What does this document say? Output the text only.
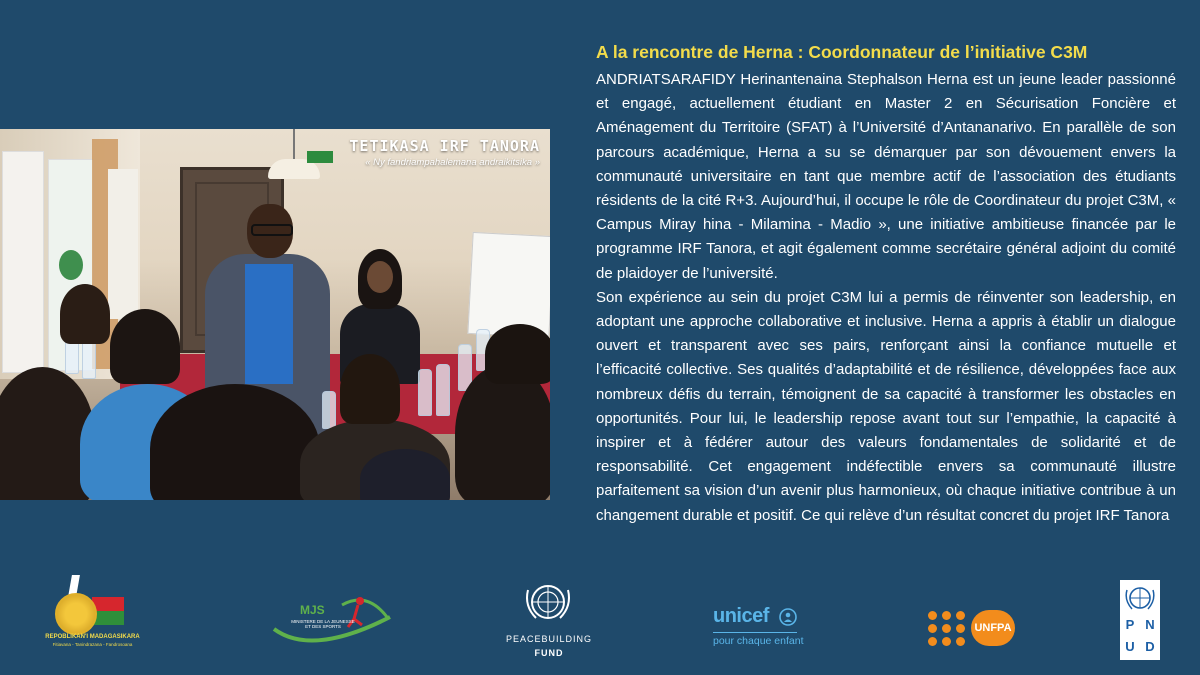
TETIKASA IRF TANORA
« Ny fandriampahalemana andraikitsika »
A la rencontre de Herna : Coordonnateur de l’initiative C3M

ANDRIATSARAFIDY Herinantenaina Stephalson Herna est un jeune leader passionné et engagé, actuellement étudiant en Master 2 en Sécurisation Foncière et Aménagement du Territoire (SFAT) à l’Université d’Antananarivo. En parallèle de son parcours académique, Herna a su se démarquer par son dévouement envers la communauté universitaire en tant que membre actif de l’association des étudiants résidents de la cité R+3. Aujourd’hui, il occupe le rôle de Coordinateur du projet C3M, « Campus Miray hina - Milamina - Madio », une initiative ambitieuse financée par le programme IRF Tanora, et agit également comme secrétaire général adjoint du comité de plaidoyer de l’université.

Son expérience au sein du projet C3M lui a permis de réinventer son leadership, en adoptant une approche collaborative et inclusive. Herna a appris à établir un dialogue ouvert et transparent avec ses pairs, renforçant ainsi la confiance mutuelle et l’efficacité collective. Ses qualités d’adaptabilité et de résilience, développées face aux nombreux défis du terrain, témoignent de sa capacité à transformer les obstacles en opportunités. Pour lui, le leadership repose avant tout sur l’empathie, la capacité à inspirer et à fédérer autour des valeurs fondamentales de solidarité et de responsabilité. Cet engagement indéfectible envers sa communauté illustre parfaitement sa vision d’un avenir plus harmonieux, où chaque initiative contribue à un changement durable et positif. Ce qui relève d’un résultat concret du projet IRF Tanora

REPOBLIKAN'I MADAGASIKARA
Fitiavana - Tanindrazana - Fandrosoana
MJS
MINISTERE DE LA JEUNESSE ET DES SPORTS
PEACEBUILDING
FUND
unicef
pour chaque enfant
UNFPA	P N
U D
